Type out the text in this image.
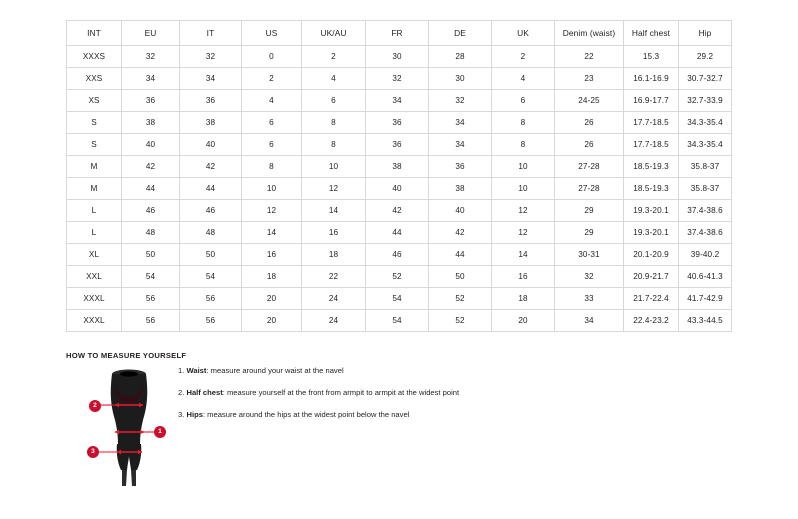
INT	EU	IT	US	UK/AU	FR	DE	UK	Denim (waist)	Half chest	Hip
XXXS	32	32	0	2	30	28	2	22	15.3	29.2
XXS	34	34	2	4	32	30	4	23	16.1-16.9	30.7-32.7
XS	36	36	4	6	34	32	6	24-25	16.9-17.7	32.7-33.9
S	38	38	6	8	36	34	8	26	17.7-18.5	34.3-35.4
S	40	40	6	8	36	34	8	26	17.7-18.5	34.3-35.4
M	42	42	8	10	38	36	10	27-28	18.5-19.3	35.8-37
M	44	44	10	12	40	38	10	27-28	18.5-19.3	35.8-37
L	46	46	12	14	42	40	12	29	19.3-20.1	37.4-38.6
L	48	48	14	16	44	42	12	29	19.3-20.1	37.4-38.6
XL	50	50	16	18	46	44	14	30-31	20.1-20.9	39-40.2
XXL	54	54	18	22	52	50	16	32	20.9-21.7	40.6-41.3
XXXL	56	56	20	24	54	52	18	33	21.7-22.4	41.7-42.9
XXXL	56	56	20	24	54	52	20	34	22.4-23.2	43.3-44.5
HOW TO MEASURE YOURSELF
1. Waist: measure around your waist at the navel
2. Half chest: measure yourself at the front from armpit to armpit at the widest point
3. Hips: measure around the hips at the widest point below the navel
1
2
3
